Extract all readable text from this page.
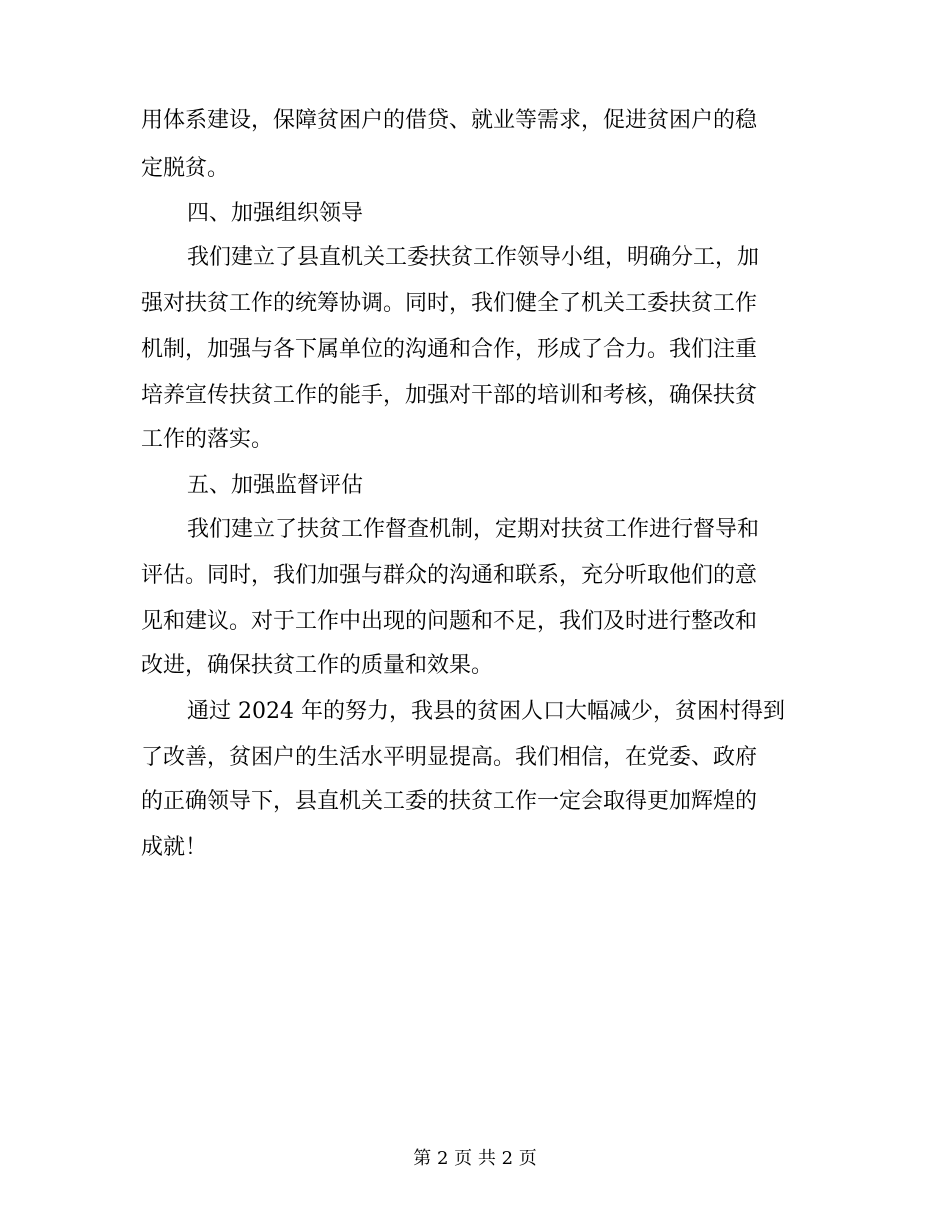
用体系建设，保障贫困户的借贷、就业等需求，促进贫困户的稳
定脱贫。
四、加强组织领导
我们建立了县直机关工委扶贫工作领导小组，明确分工，加
强对扶贫工作的统筹协调。同时，我们健全了机关工委扶贫工作
机制，加强与各下属单位的沟通和合作，形成了合力。我们注重
培养宣传扶贫工作的能手，加强对干部的培训和考核，确保扶贫
工作的落实。
五、加强监督评估
我们建立了扶贫工作督查机制，定期对扶贫工作进行督导和
评估。同时，我们加强与群众的沟通和联系，充分听取他们的意
见和建议。对于工作中出现的问题和不足，我们及时进行整改和
改进，确保扶贫工作的质量和效果。
通过 2024 年的努力，我县的贫困人口大幅减少，贫困村得到
了改善，贫困户的生活水平明显提高。我们相信，在党委、政府
的正确领导下，县直机关工委的扶贫工作一定会取得更加辉煌的
成就！
第 2 页 共 2 页
